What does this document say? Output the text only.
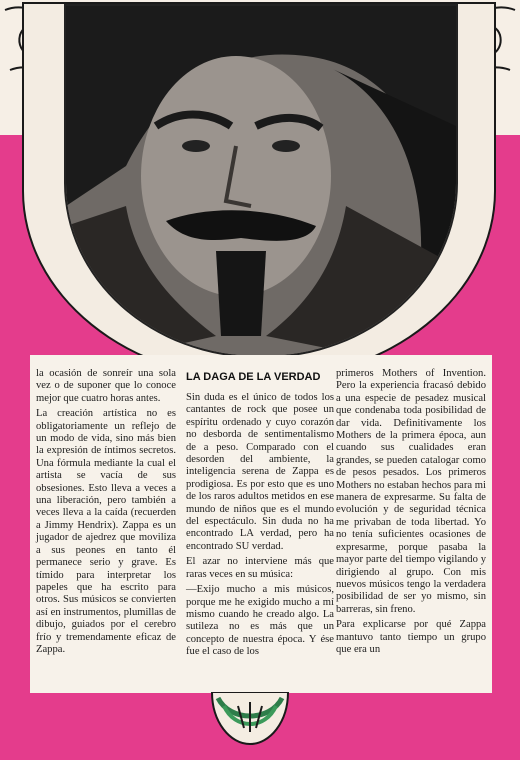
la ocasión de sonreír una sola vez o de suponer que lo conoce mejor que cuatro horas antes.

La creación artística no es obligatoriamente un reflejo de un modo de vida, sino más bien la expresión de íntimos secretos. Una fórmula mediante la cual el artista se vacía de sus obsesiones. Esto lleva a veces a una liberación, pero también a veces lleva a la caída (recuerden a Jimmy Hendrix). Zappa es un jugador de ajedrez que moviliza a sus peones en tanto él permanece serio y grave. Es tímido para interpretar los papeles que ha escrito para otros. Sus músicos se convierten así en instrumentos, plumillas de dibujo, guiados por el cerebro frío y tremendamente eficaz de Zappa.

LA DAGA DE LA VERDAD

Sin duda es el único de todos los cantantes de rock que posee un espíritu ordenado y cuyo corazón no desborda de sentimentalismo de a peso. Comparado con el desorden del ambiente, la inteligencia serena de Zappa es prodigiosa. Es por esto que es uno de los raros adultos metidos en ese mundo de niños que es el mundo del espectáculo. Sin duda no ha encontrado LA verdad, pero ha encontrado SU verdad.

El azar no interviene más que raras veces en su música:

—Exijo mucho a mis músicos, porque me he exigido mucho a mí mismo cuando he creado algo. La sutileza no es más que un concepto de nuestra época. Y ése fue el caso de los

primeros Mothers of Invention. Pero la experiencia fracasó debido a una especie de pesadez musical que condenaba toda posibilidad de dar vida. Definitivamente los Mothers de la primera época, aun cuando sus cualidades eran grandes, se pueden catalogar como de pesos pesados. Los primeros Mothers no estaban hechos para mi manera de expresarme. Su falta de evolución y de seguridad técnica me privaban de toda libertad. Yo no tenía suficientes ocasiones de expresarme, porque pasaba la mayor parte del tiempo vigilando y dirigiendo al grupo. Con mis nuevos músicos tengo la verdadera posibilidad de ser yo mismo, sin barreras, sin freno.

Para explicarse por qué Zappa mantuvo tanto tiempo un grupo que era un
